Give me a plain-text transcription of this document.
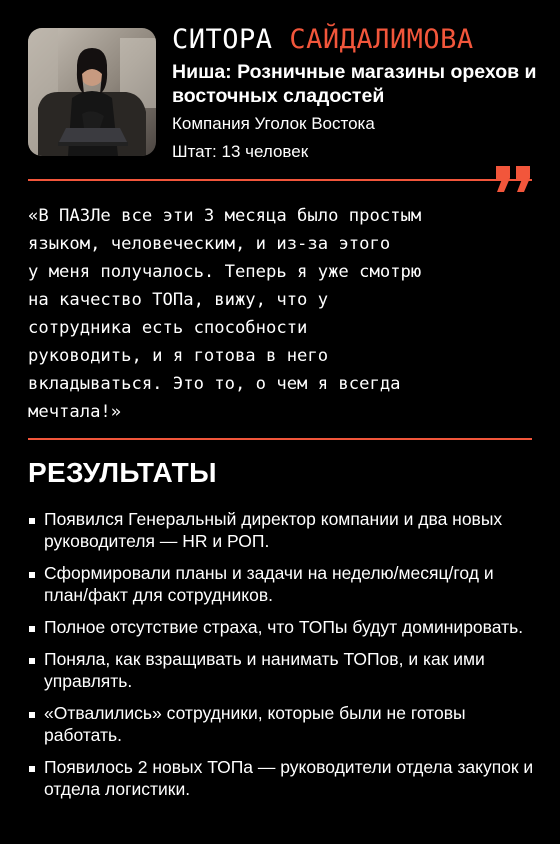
СИТОРА САЙДАЛИМОВА
Ниша: Розничные магазины орехов и восточных сладостей
Компания Уголок Востока
Штат: 13 человек
«В ПАЗЛе все эти 3 месяца было простым
языком, человеческим, и из-за этого
у меня получалось. Теперь я уже смотрю
на качество ТОПа, вижу, что у
сотрудника есть способности
руководить, и я готова в него
вкладываться. Это то, о чем я всегда
мечтала!»
РЕЗУЛЬТАТЫ
Появился Генеральный директор компании и два новых руководителя — HR и РОП.
Сформировали планы и задачи на неделю/месяц/год и план/факт для сотрудников.
Полное отсутствие страха, что ТОПы будут доминировать.
Поняла, как взращивать и нанимать ТОПов, и как ими управлять.
«Отвалились» сотрудники, которые были не готовы работать.
Появилось 2 новых ТОПа — руководители отдела закупок и отдела логистики.
